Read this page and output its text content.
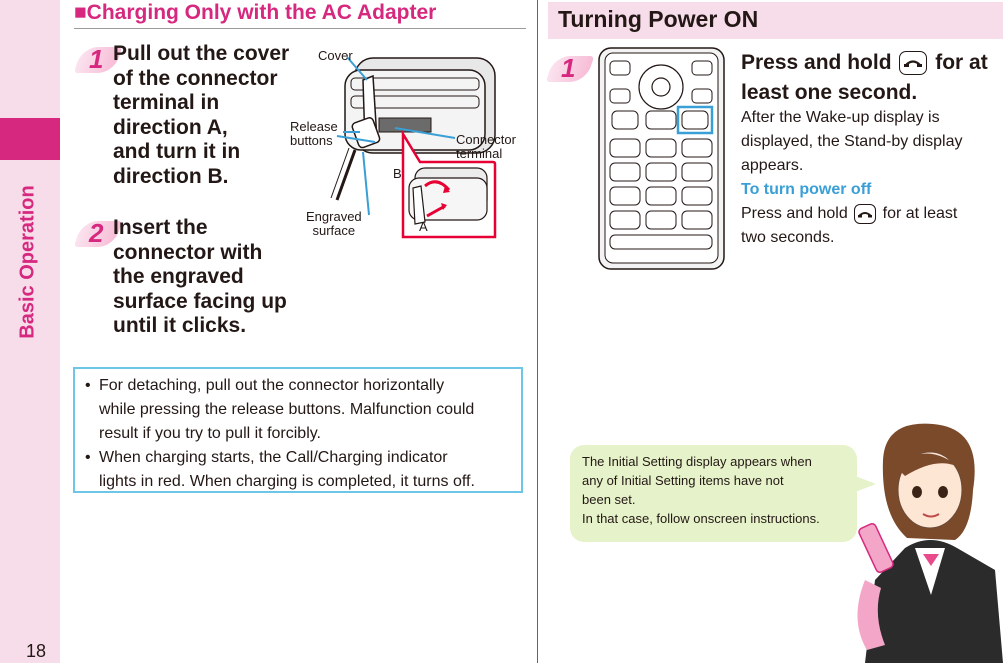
Basic Operation
18
■Charging Only with the AC Adapter
1 Pull out the cover
of the connector
terminal in
direction A,
and turn it in
direction B.
2 Insert the
connector with
the engraved
surface facing up
until it clicks.
Cover
Release
buttons	Connector
terminal
Engraved
surface
B
A
• For detaching, pull out the connector horizontally
while pressing the release buttons. Malfunction could
result if you try to pull it forcibly.
• When charging starts, the Call/Charging indicator
lights in red. When charging is completed, it turns off.
Turning Power ON
1	Press and hold for at
least one second.
After the Wake-up display is
displayed, the Stand-by display
appears.
To turn power off
Press and hold for at least
two seconds.
The Initial Setting display appears when
any of Initial Setting items have not
been set.
In that case, follow onscreen instructions.
